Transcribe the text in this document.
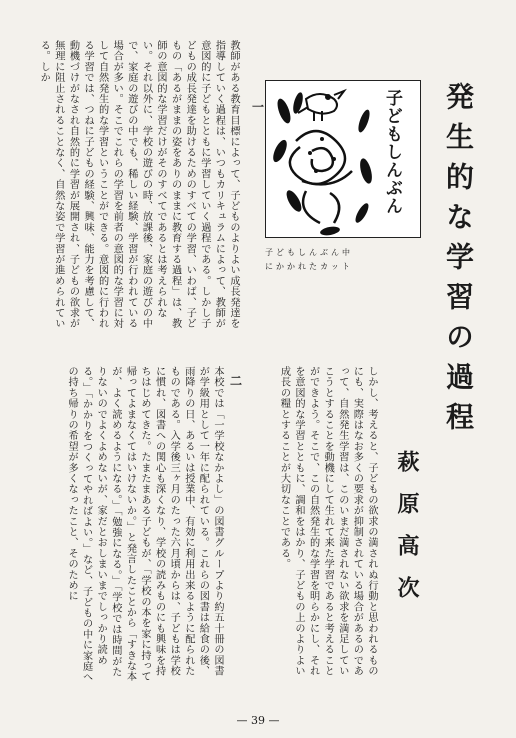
発生的な学習の過程
萩原高次
子どもしんぶん
子どもしんぶん中
にかかれたカット
一
教師がある教育目標によって、子どものよりよい成長発達を指導していく過程は、いつもカリキュラムによって、教師が意図的に子どもとともに学習していく過程である。しかし子どもの成長発達を助けるためのすべての学習、いわば、子どもの「あるがままの姿をありのままに教育する過程」は、教師の意図的な学習だけがそのすべてであるとは考えられない。それ以外に、学校の遊びの時、放課後、家庭の遊びの中で、家庭の遊びの中でも、稀しい経験、学習が行われている場合が多い。そこでこれらの学習を前者の意図的な学習に対して自然発生的な学習ということができる。意図的に行われる学習では、つねに子どもの経験、興味、能力を考慮して、動機づけがなされ自然的に学習が展開され、子どもの欲求が無理に阻止されることなく、自然な姿で学習が進められている。しか
しかし、考えると、子どもの欲求の満されぬ行動と思われるものにも、実際はなお多くの要求が抑制されている場合があるのであって、自然発生学習は、このいまだ満されない欲求を満足していこうとすることを動機にして生れて来た学習であると考えることができよう。そこで、この自然発生的な学習を明らかにし、それを意図的な学習とともに、調和をはかり、子どもの上のよりよい成長の糧とすることが大切なことである。
二
本校では「一学校なかよし」の図書グループより約五十冊の図書が学級用として一年に配られている。これらの図書は給食の後、雨降りの日、あるいは授業中、有効に利用出来るように配られたものである。入学後三ヶ月のたった六月頃からは、子どもは学校に慣れ、図書への関心も深くなり、学校の読みものにも興味を持ちはじめてきた。たまたまある子どもが、「学校の本を家に持って帰ってよまなくてはいけないか。」と発言したことから「すきな本が、よく読めるようになる。」「勉強になる。」「学校では時間がたりないのでよくよめないが、家だとおしまいまでしっかり読める。」「かかりをつくってやればよい。」など、子どもの中に家庭への持ち帰りの希望が多くなったこと、そのために
— 39 —
